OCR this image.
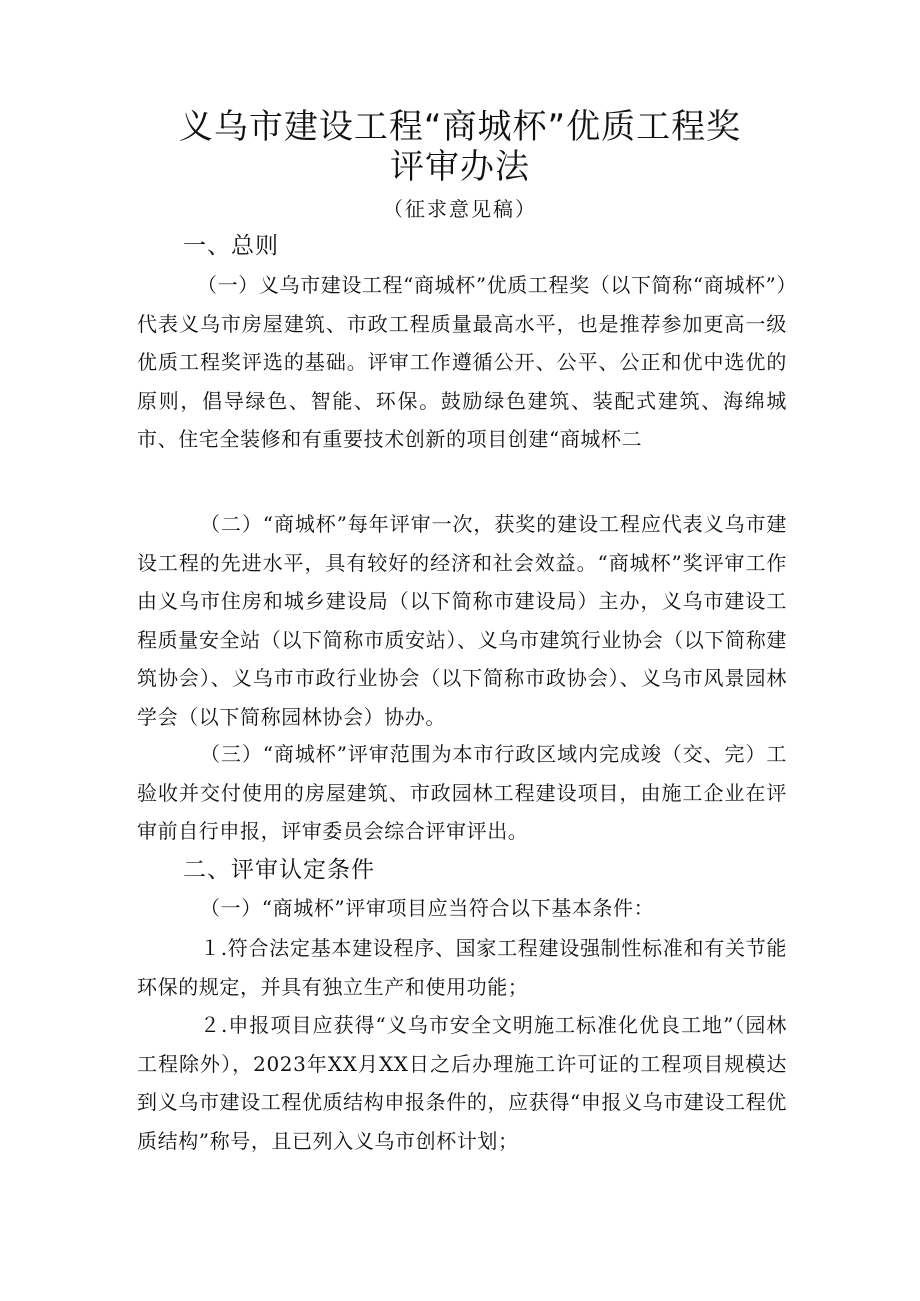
义乌市建设工程“商城杯”优质工程奖
评审办法
（征求意见稿）
一、总则

（一）义乌市建设工程“商城杯”优质工程奖（以下简称“商城杯”）代表义乌市房屋建筑、市政工程质量最高水平，也是推荐参加更高一级优质工程奖评选的基础。评审工作遵循公开、公平、公正和优中选优的原则，倡导绿色、智能、环保。鼓励绿色建筑、装配式建筑、海绵城市、住宅全装修和有重要技术创新的项目创建“商城杯二

（二）“商城杯”每年评审一次，获奖的建设工程应代表义乌市建设工程的先进水平，具有较好的经济和社会效益。“商城杯”奖评审工作由义乌市住房和城乡建设局（以下简称市建设局）主办，义乌市建设工程质量安全站（以下简称市质安站）、义乌市建筑行业协会（以下简称建筑协会）、义乌市市政行业协会（以下简称市政协会）、义乌市风景园林学会（以下简称园林协会）协办。

（三）“商城杯”评审范围为本市行政区域内完成竣（交、完）工验收并交付使用的房屋建筑、市政园林工程建设项目，由施工企业在评审前自行申报，评审委员会综合评审评出。

二、评审认定条件

（一）“商城杯”评审项目应当符合以下基本条件：

１.符合法定基本建设程序、国家工程建设强制性标准和有关节能环保的规定，并具有独立生产和使用功能；

２.申报项目应获得“义乌市安全文明施工标准化优良工地”（园林工程除外），2023年XX月XX日之后办理施工许可证的工程项目规模达到义乌市建设工程优质结构申报条件的，应获得“申报义乌市建设工程优质结构”称号，且已列入义乌市创杯计划；
